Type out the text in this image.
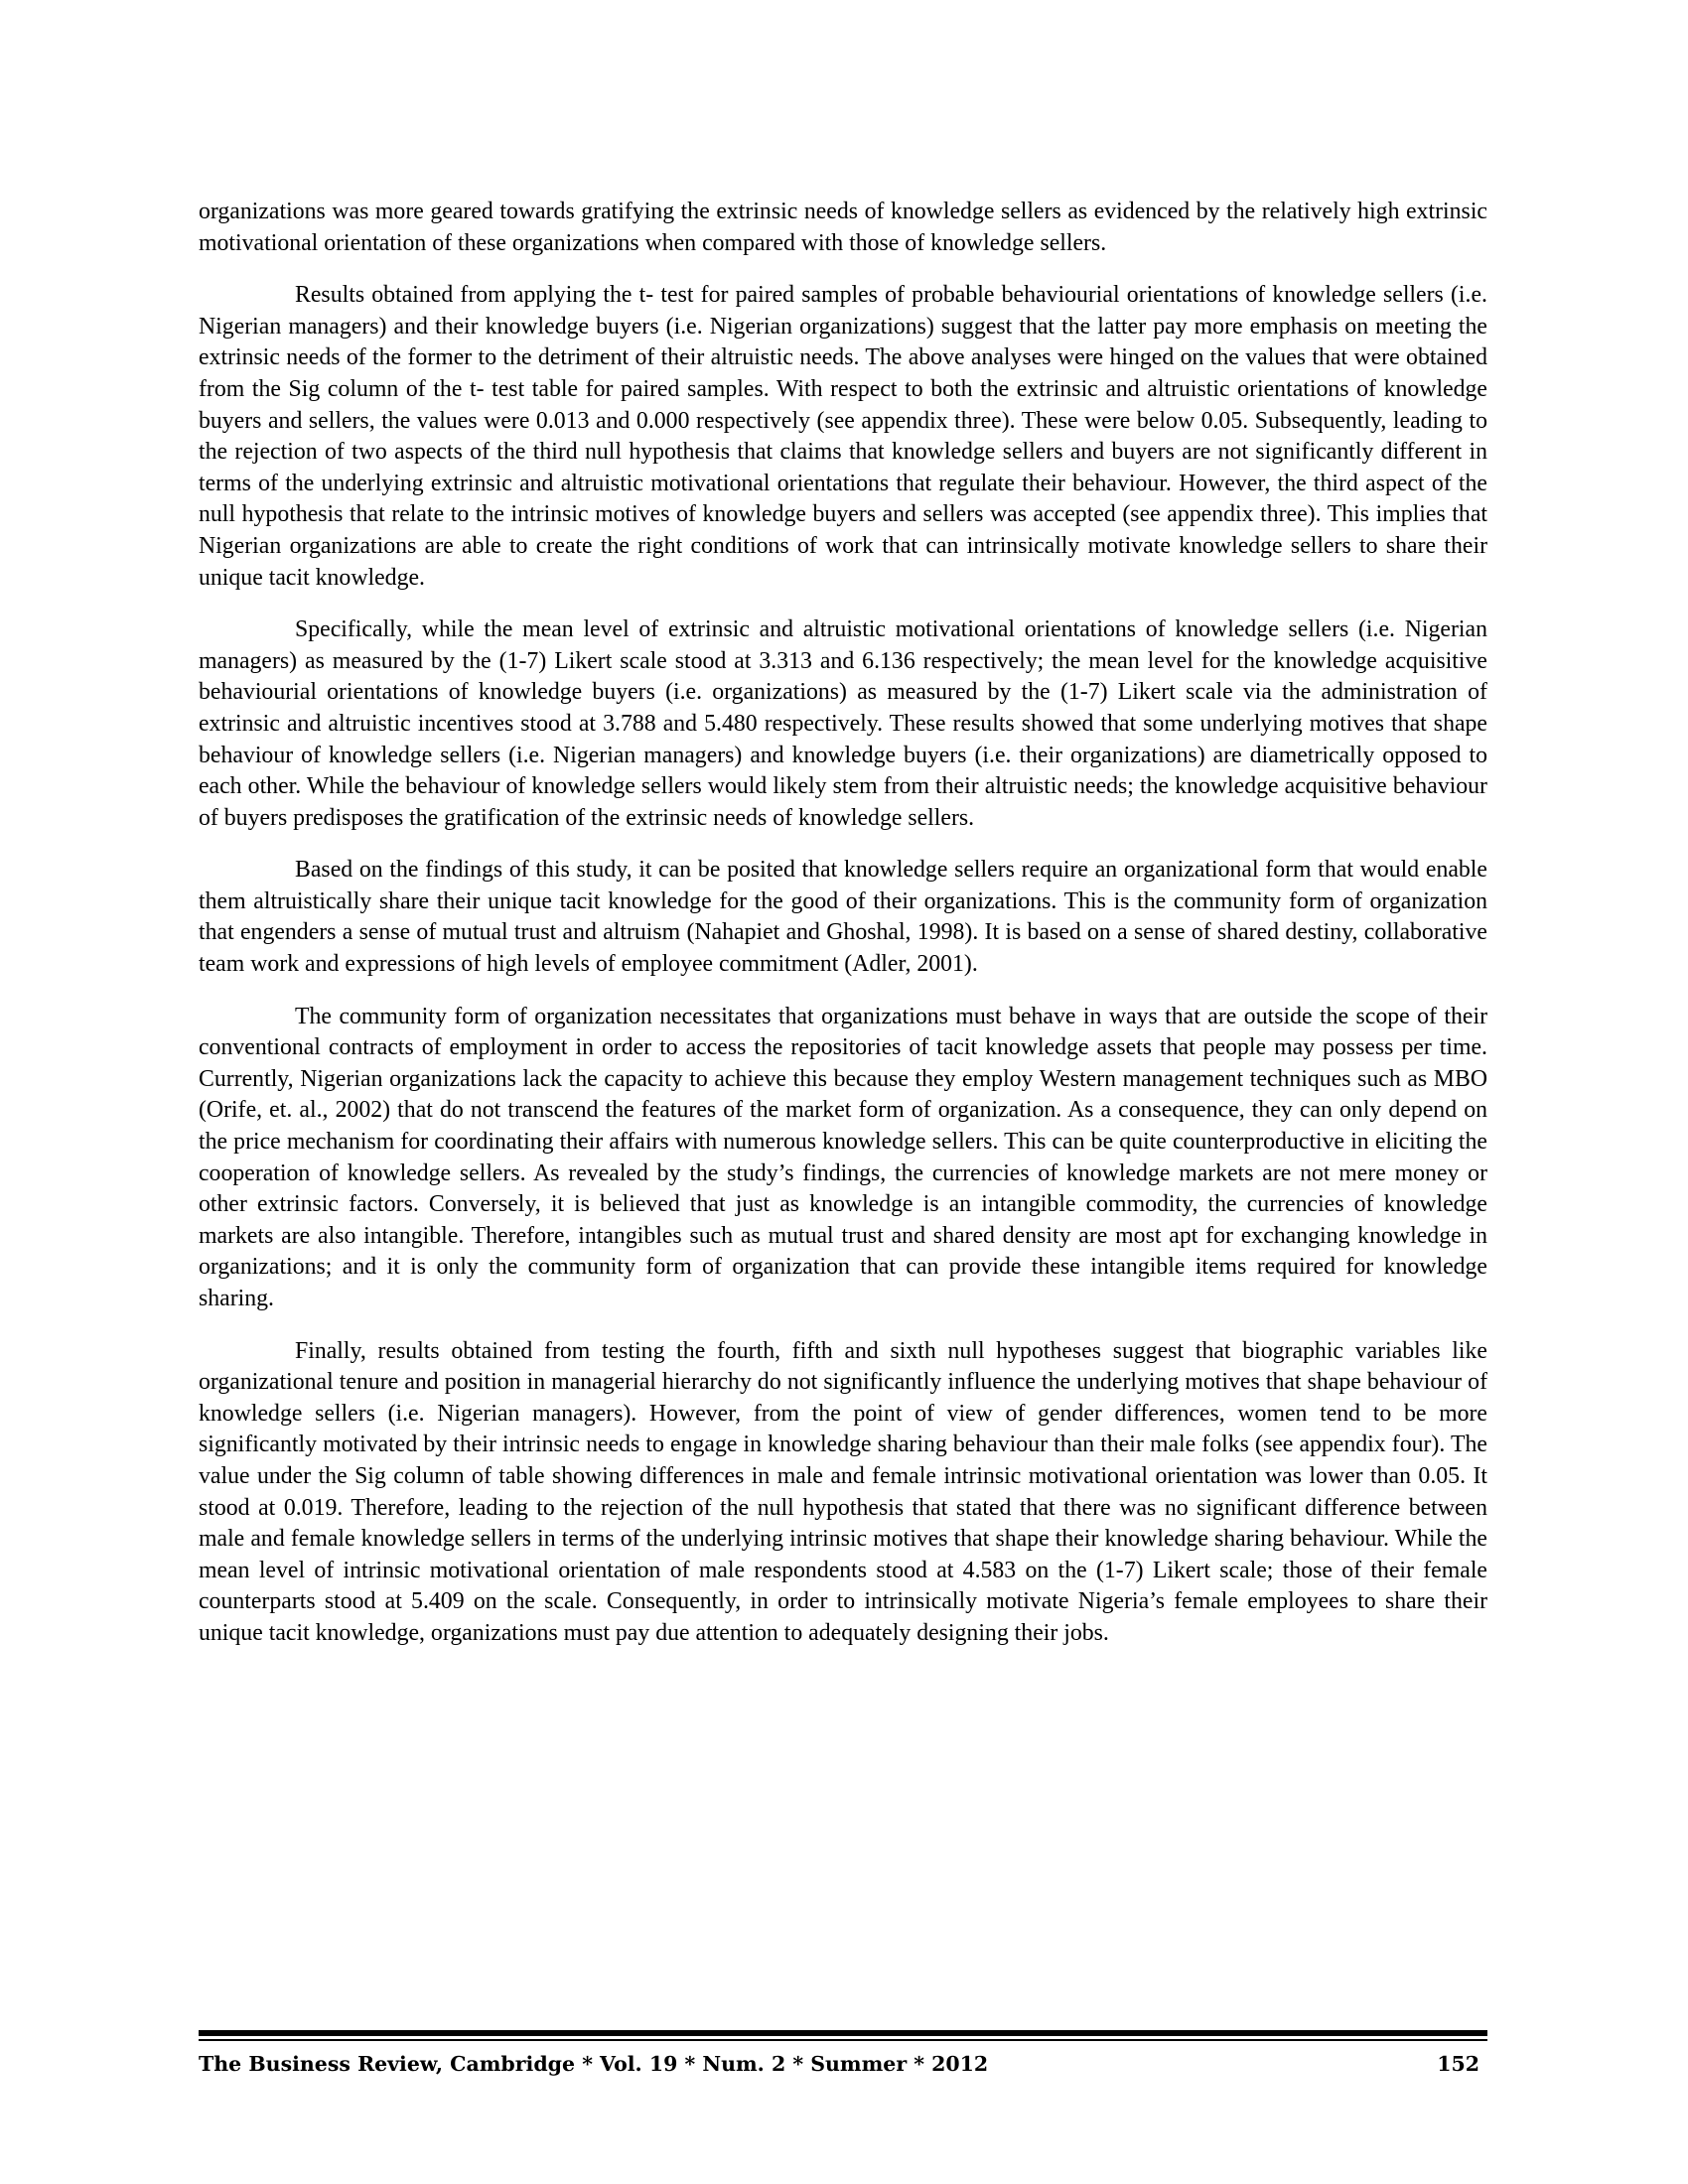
organizations was more geared towards gratifying the extrinsic needs of knowledge sellers as evidenced by the relatively high extrinsic motivational orientation of these organizations when compared with those of knowledge sellers.

Results obtained from applying the t- test for paired samples of probable behaviourial orientations of knowledge sellers (i.e. Nigerian managers) and their knowledge buyers (i.e. Nigerian organizations) suggest that the latter pay more emphasis on meeting the extrinsic needs of the former to the detriment of their altruistic needs. The above analyses were hinged on the values that were obtained from the Sig column of the t- test table for paired samples. With respect to both the extrinsic and altruistic orientations of knowledge buyers and sellers, the values were 0.013 and 0.000 respectively (see appendix three). These were below 0.05. Subsequently, leading to the rejection of two aspects of the third null hypothesis that claims that knowledge sellers and buyers are not significantly different in terms of the underlying extrinsic and altruistic motivational orientations that regulate their behaviour. However, the third aspect of the null hypothesis that relate to the intrinsic motives of knowledge buyers and sellers was accepted (see appendix three). This implies that Nigerian organizations are able to create the right conditions of work that can intrinsically motivate knowledge sellers to share their unique tacit knowledge.

Specifically, while the mean level of extrinsic and altruistic motivational orientations of knowledge sellers (i.e. Nigerian managers) as measured by the (1-7) Likert scale stood at 3.313 and 6.136 respectively; the mean level for the knowledge acquisitive behaviourial orientations of knowledge buyers (i.e. organizations) as measured by the (1-7) Likert scale via the administration of extrinsic and altruistic incentives stood at 3.788 and 5.480 respectively. These results showed that some underlying motives that shape behaviour of knowledge sellers (i.e. Nigerian managers) and knowledge buyers (i.e. their organizations) are diametrically opposed to each other. While the behaviour of knowledge sellers would likely stem from their altruistic needs; the knowledge acquisitive behaviour of buyers predisposes the gratification of the extrinsic needs of knowledge sellers.

Based on the findings of this study, it can be posited that knowledge sellers require an organizational form that would enable them altruistically share their unique tacit knowledge for the good of their organizations. This is the community form of organization that engenders a sense of mutual trust and altruism (Nahapiet and Ghoshal, 1998). It is based on a sense of shared destiny, collaborative team work and expressions of high levels of employee commitment (Adler, 2001).

The community form of organization necessitates that organizations must behave in ways that are outside the scope of their conventional contracts of employment in order to access the repositories of tacit knowledge assets that people may possess per time. Currently, Nigerian organizations lack the capacity to achieve this because they employ Western management techniques such as MBO (Orife, et. al., 2002) that do not transcend the features of the market form of organization. As a consequence, they can only depend on the price mechanism for coordinating their affairs with numerous knowledge sellers. This can be quite counterproductive in eliciting the cooperation of knowledge sellers. As revealed by the study’s findings, the currencies of knowledge markets are not mere money or other extrinsic factors. Conversely, it is believed that just as knowledge is an intangible commodity, the currencies of knowledge markets are also intangible. Therefore, intangibles such as mutual trust and shared density are most apt for exchanging knowledge in organizations; and it is only the community form of organization that can provide these intangible items required for knowledge sharing.

Finally, results obtained from testing the fourth, fifth and sixth null hypotheses suggest that biographic variables like organizational tenure and position in managerial hierarchy do not significantly influence the underlying motives that shape behaviour of knowledge sellers (i.e. Nigerian managers). However, from the point of view of gender differences, women tend to be more significantly motivated by their intrinsic needs to engage in knowledge sharing behaviour than their male folks (see appendix four). The value under the Sig column of table showing differences in male and female intrinsic motivational orientation was lower than 0.05. It stood at 0.019. Therefore, leading to the rejection of the null hypothesis that stated that there was no significant difference between male and female knowledge sellers in terms of the underlying intrinsic motives that shape their knowledge sharing behaviour. While the mean level of intrinsic motivational orientation of male respondents stood at 4.583 on the (1-7) Likert scale; those of their female counterparts stood at 5.409 on the scale. Consequently, in order to intrinsically motivate Nigeria’s female employees to share their unique tacit knowledge, organizations must pay due attention to adequately designing their jobs.

The Business Review, Cambridge * Vol. 19 * Num. 2 * Summer * 2012	152
